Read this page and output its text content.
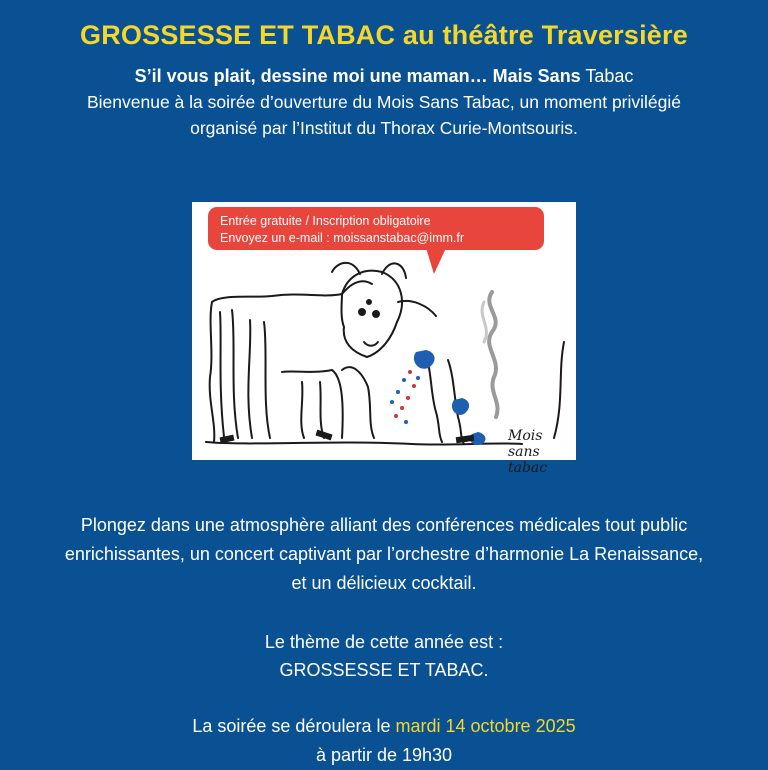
GROSSESSE ET TABAC au théâtre Traversière
S’il vous plait, dessine moi une maman… Mais Sans Tabac
Bienvenue à la soirée d’ouverture du Mois Sans Tabac, un moment privilégié
organisé par l’Institut du Thorax Curie-Montsouris.
Entrée gratuite / Inscription obligatoire
Envoyez un e-mail : moissanstabac@imm.fr
Mois sans tabac
Plongez dans une atmosphère alliant des conférences médicales tout public
enrichissantes, un concert captivant par l’orchestre d’harmonie La Renaissance,
et un délicieux cocktail.
Le thème de cette année est :
GROSSESSE ET TABAC.
La soirée se déroulera le mardi 14 octobre 2025
à partir de 19h30
